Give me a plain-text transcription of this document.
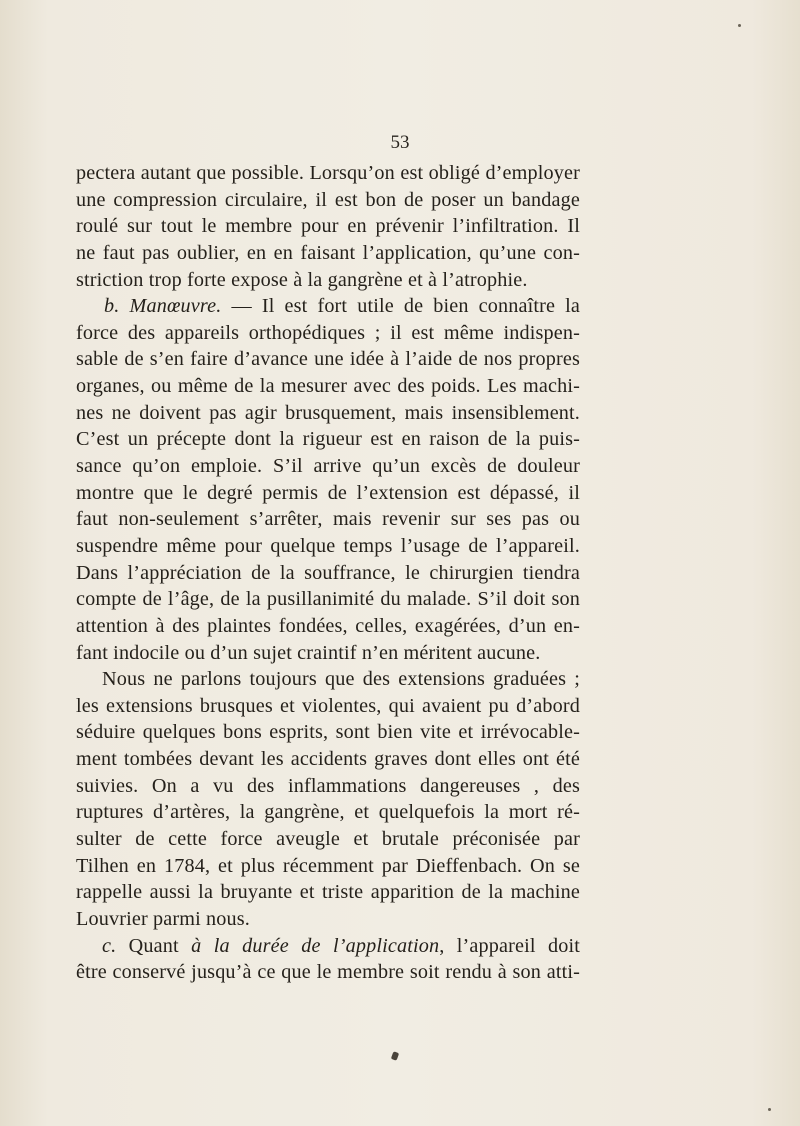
53
pectera autant que possible. Lorsqu’on est obligé d’employer
une compression circulaire, il est bon de poser un bandage
roulé sur tout le membre pour en prévenir l’infiltration. Il
ne faut pas oublier, en en faisant l’application, qu’une con-
striction trop forte expose à la gangrène et à l’atrophie.
b. Manœuvre. — Il est fort utile de bien connaître la
force des appareils orthopédiques ; il est même indispen-
sable de s’en faire d’avance une idée à l’aide de nos propres
organes, ou même de la mesurer avec des poids. Les machi-
nes ne doivent pas agir brusquement, mais insensiblement.
C’est un précepte dont la rigueur est en raison de la puis-
sance qu’on emploie. S’il arrive qu’un excès de douleur
montre que le degré permis de l’extension est dépassé, il
faut non-seulement s’arrêter, mais revenir sur ses pas ou
suspendre même pour quelque temps l’usage de l’appareil.
Dans l’appréciation de la souffrance, le chirurgien tiendra
compte de l’âge, de la pusillanimité du malade. S’il doit son
attention à des plaintes fondées, celles, exagérées, d’un en-
fant indocile ou d’un sujet craintif n’en méritent aucune.
Nous ne parlons toujours que des extensions graduées ;
les extensions brusques et violentes, qui avaient pu d’abord
séduire quelques bons esprits, sont bien vite et irrévocable-
ment tombées devant les accidents graves dont elles ont été
suivies. On a vu des inflammations dangereuses , des
ruptures d’artères, la gangrène, et quelquefois la mort ré-
sulter de cette force aveugle et brutale préconisée par
Tilhen en 1784, et plus récemment par Dieffenbach. On se
rappelle aussi la bruyante et triste apparition de la machine
Louvrier parmi nous.
c. Quant à la durée de l’application, l’appareil doit
être conservé jusqu’à ce que le membre soit rendu à son atti-
